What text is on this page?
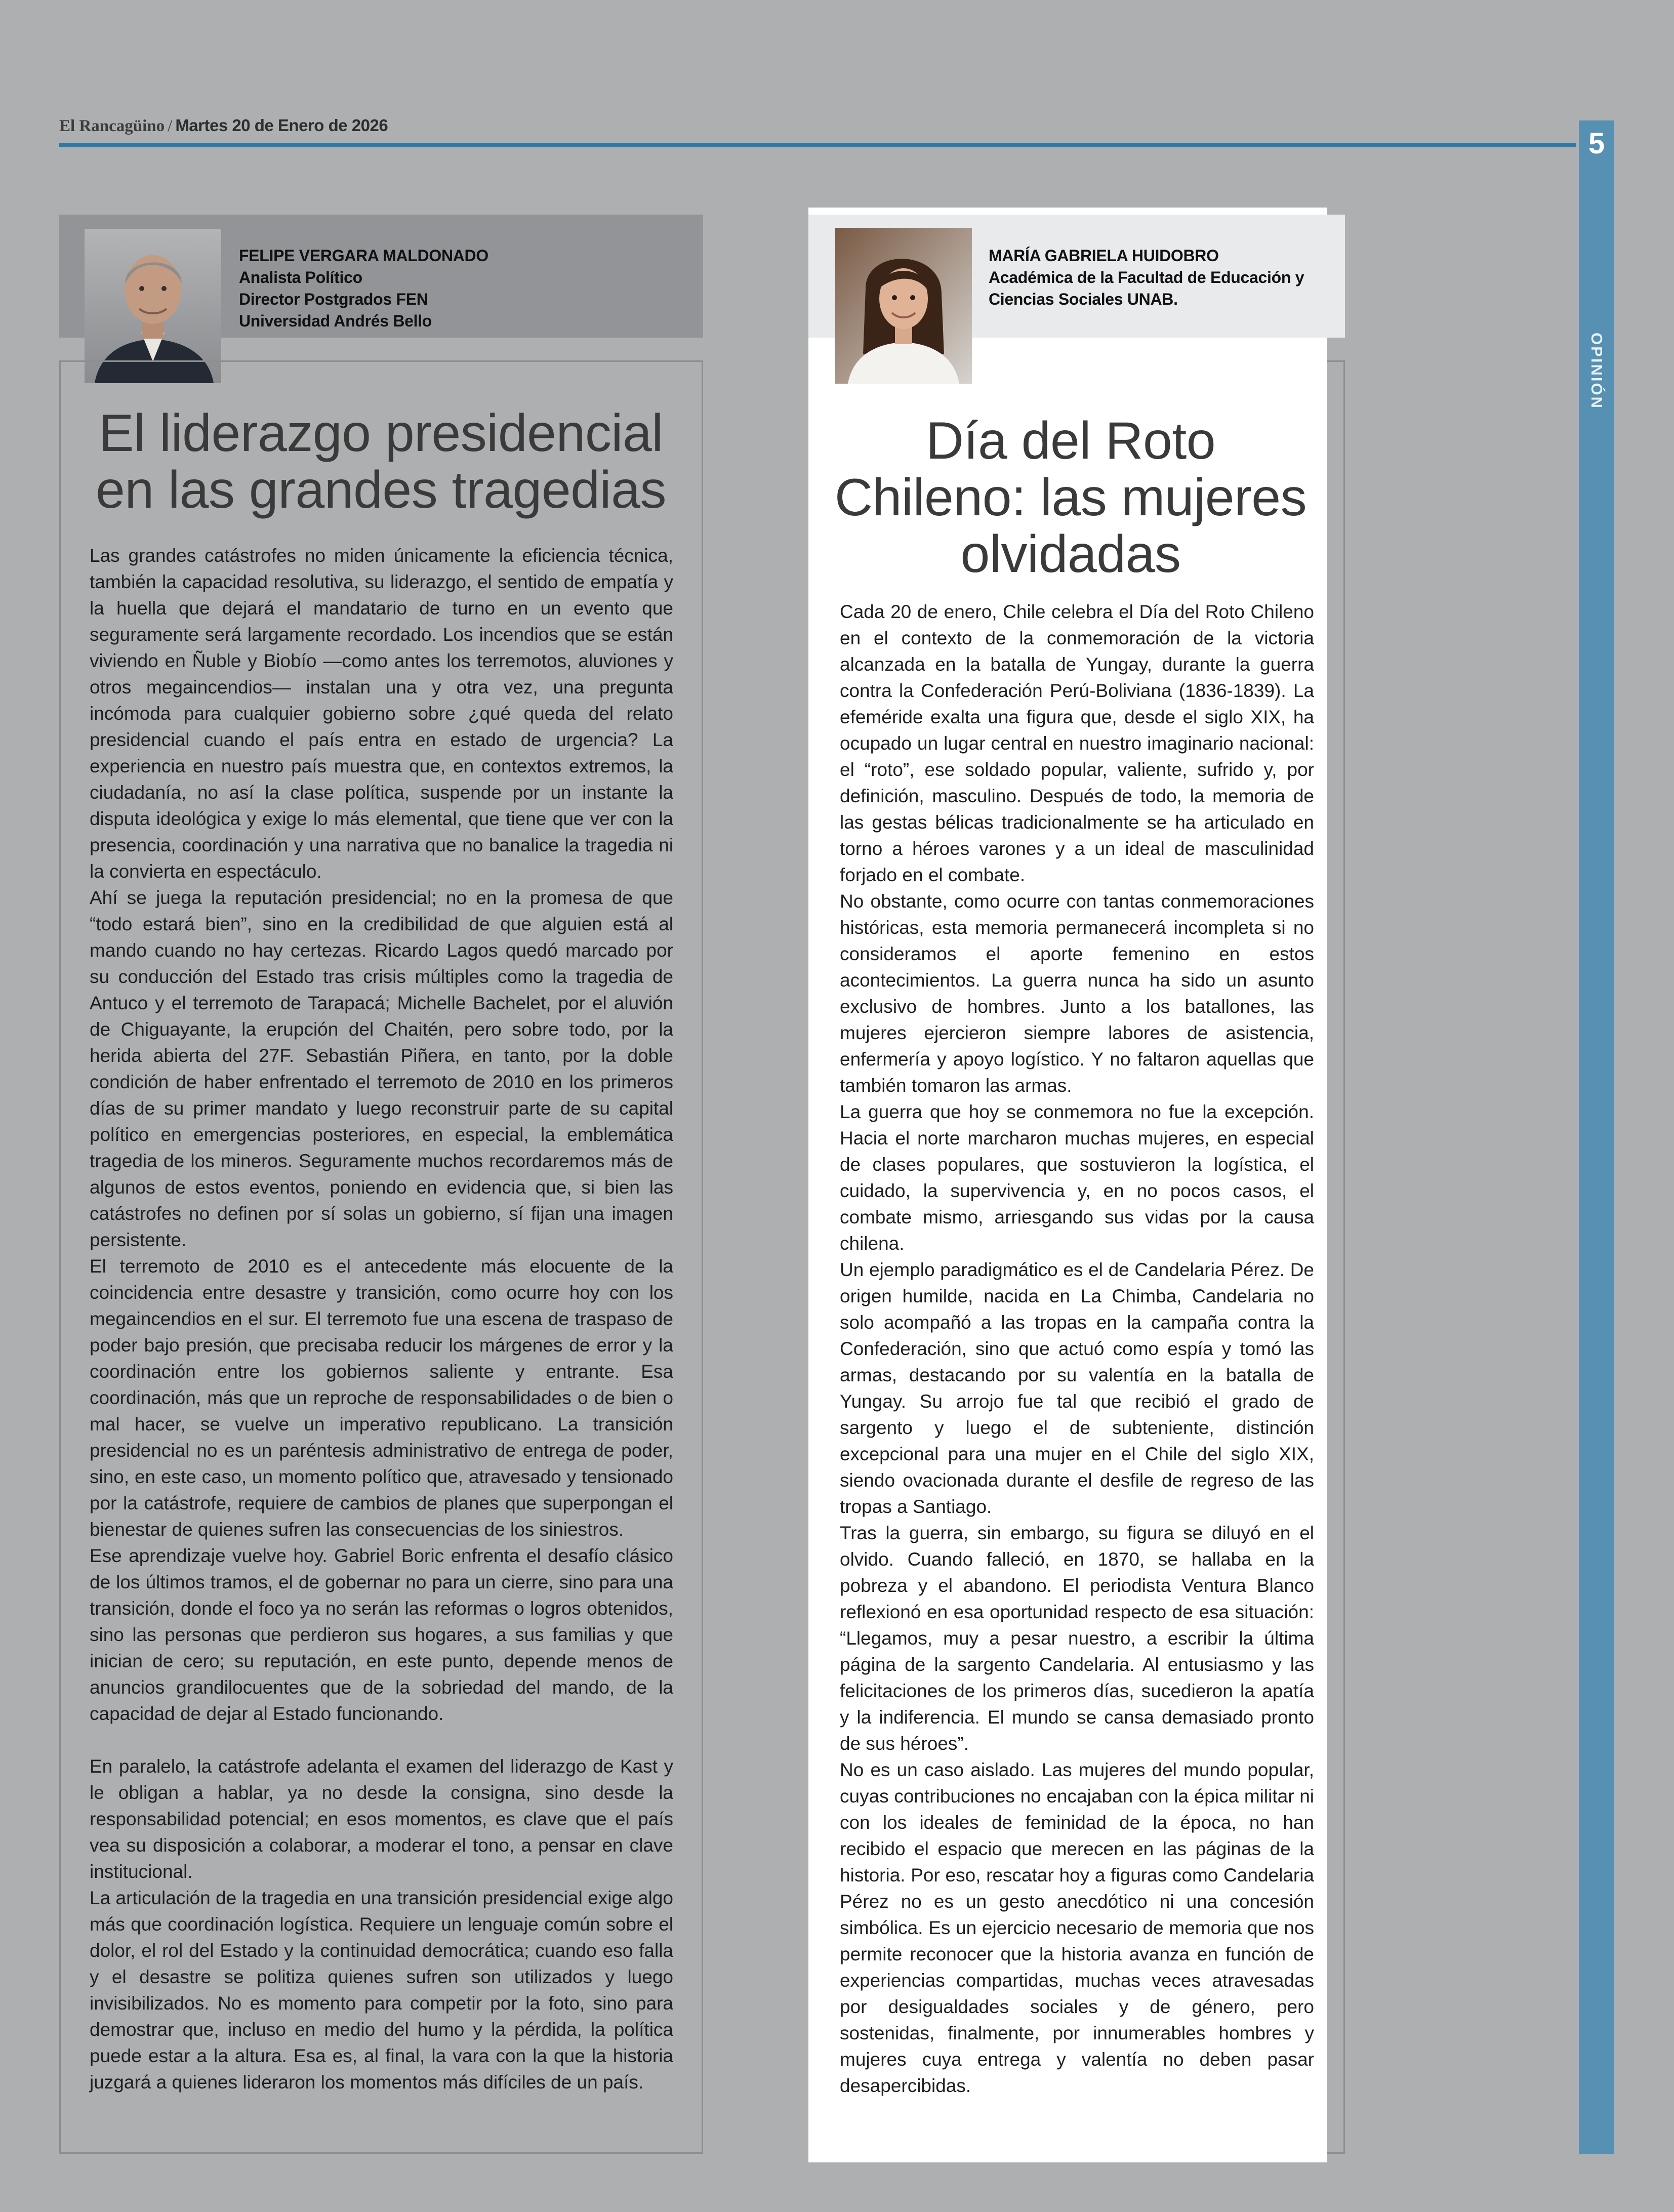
El Rancagüino / Martes 20 de Enero de 2026
5
OPINIÓN
FELIPE VERGARA MALDONADO
Analista Político
Director Postgrados FEN
Universidad Andrés Bello
El liderazgo presidencial
en las grandes tragedias

Las grandes catástrofes no miden únicamente la eficiencia técnica, también la capacidad resolutiva, su liderazgo, el sentido de empatía y la huella que dejará el mandatario de turno en un evento que seguramente será largamente recordado. Los incendios que se están viviendo en Ñuble y Biobío —como antes los terremotos, aluviones y otros megaincendios— instalan una y otra vez, una pregunta incómoda para cualquier gobierno sobre ¿qué queda del relato presidencial cuando el país entra en estado de urgencia? La experiencia en nuestro país muestra que, en contextos extremos, la ciudadanía, no así la clase política, suspende por un instante la disputa ideológica y exige lo más elemental, que tiene que ver con la presencia, coordinación y una narrativa que no banalice la tragedia ni la convierta en espectáculo.

Ahí se juega la reputación presidencial; no en la promesa de que “todo estará bien”, sino en la credibilidad de que alguien está al mando cuando no hay certezas. Ricardo Lagos quedó marcado por su conducción del Estado tras crisis múltiples como la tragedia de Antuco y el terremoto de Tarapacá; Michelle Bachelet, por el aluvión de Chiguayante, la erupción del Chaitén, pero sobre todo, por la herida abierta del 27F. Sebastián Piñera, en tanto, por la doble condición de haber enfrentado el terremoto de 2010 en los primeros días de su primer mandato y luego reconstruir parte de su capital político en emergencias posteriores, en especial, la emblemática tragedia de los mineros. Seguramente muchos recordaremos más de algunos de estos eventos, poniendo en evidencia que, si bien las catástrofes no definen por sí solas un gobierno, sí fijan una imagen persistente.

El terremoto de 2010 es el antecedente más elocuente de la coincidencia entre desastre y transición, como ocurre hoy con los megaincendios en el sur. El terremoto fue una escena de traspaso de poder bajo presión, que precisaba reducir los márgenes de error y la coordinación entre los gobiernos saliente y entrante. Esa coordinación, más que un reproche de responsabilidades o de bien o mal hacer, se vuelve un imperativo republicano. La transición presidencial no es un paréntesis administrativo de entrega de poder, sino, en este caso, un momento político que, atravesado y tensionado por la catástrofe, requiere de cambios de planes que superpongan el bienestar de quienes sufren las consecuencias de los siniestros.

Ese aprendizaje vuelve hoy. Gabriel Boric enfrenta el desafío clásico de los últimos tramos, el de gobernar no para un cierre, sino para una transición, donde el foco ya no serán las reformas o logros obtenidos, sino las personas que perdieron sus hogares, a sus familias y que inician de cero; su reputación, en este punto, depende menos de anuncios grandilocuentes que de la sobriedad del mando, de la capacidad de dejar al Estado funcionando.

En paralelo, la catástrofe adelanta el examen del liderazgo de Kast y le obligan a hablar, ya no desde la consigna, sino desde la responsabilidad potencial; en esos momentos, es clave que el país vea su disposición a colaborar, a moderar el tono, a pensar en clave institucional.

La articulación de la tragedia en una transición presidencial exige algo más que coordinación logística. Requiere un lenguaje común sobre el dolor, el rol del Estado y la continuidad democrática; cuando eso falla y el desastre se politiza quienes sufren son utilizados y luego invisibilizados. No es momento para competir por la foto, sino para demostrar que, incluso en medio del humo y la pérdida, la política puede estar a la altura. Esa es, al final, la vara con la que la historia juzgará a quienes lideraron los momentos más difíciles de un país.

MARÍA GABRIELA HUIDOBRO
Académica de la Facultad de Educación y
Ciencias Sociales UNAB.
Día del Roto
Chileno: las mujeres
olvidadas

Cada 20 de enero, Chile celebra el Día del Roto Chileno en el contexto de la conmemoración de la victoria alcanzada en la batalla de Yungay, durante la guerra contra la Confederación Perú-Boliviana (1836-1839). La efeméride exalta una figura que, desde el siglo XIX, ha ocupado un lugar central en nuestro imaginario nacional: el “roto”, ese soldado popular, valiente, sufrido y, por definición, masculino. Después de todo, la memoria de las gestas bélicas tradicionalmente se ha articulado en torno a héroes varones y a un ideal de masculinidad forjado en el combate.

No obstante, como ocurre con tantas conmemoraciones históricas, esta memoria permanecerá incompleta si no consideramos el aporte femenino en estos acontecimientos. La guerra nunca ha sido un asunto exclusivo de hombres. Junto a los batallones, las mujeres ejercieron siempre labores de asistencia, enfermería y apoyo logístico. Y no faltaron aquellas que también tomaron las armas.

La guerra que hoy se conmemora no fue la excepción. Hacia el norte marcharon muchas mujeres, en especial de clases populares, que sostuvieron la logística, el cuidado, la supervivencia y, en no pocos casos, el combate mismo, arriesgando sus vidas por la causa chilena.

Un ejemplo paradigmático es el de Candelaria Pérez. De origen humilde, nacida en La Chimba, Candelaria no solo acompañó a las tropas en la campaña contra la Confederación, sino que actuó como espía y tomó las armas, destacando por su valentía en la batalla de Yungay. Su arrojo fue tal que recibió el grado de sargento y luego el de subteniente, distinción excepcional para una mujer en el Chile del siglo XIX, siendo ovacionada durante el desfile de regreso de las tropas a Santiago.

Tras la guerra, sin embargo, su figura se diluyó en el olvido. Cuando falleció, en 1870, se hallaba en la pobreza y el abandono. El periodista Ventura Blanco reflexionó en esa oportunidad respecto de esa situación: “Llegamos, muy a pesar nuestro, a escribir la última página de la sargento Candelaria. Al entusiasmo y las felicitaciones de los primeros días, sucedieron la apatía y la indiferencia. El mundo se cansa demasiado pronto de sus héroes”.

No es un caso aislado. Las mujeres del mundo popular, cuyas contribuciones no encajaban con la épica militar ni con los ideales de feminidad de la época, no han recibido el espacio que merecen en las páginas de la historia. Por eso, rescatar hoy a figuras como Candelaria Pérez no es un gesto anecdótico ni una concesión simbólica. Es un ejercicio necesario de memoria que nos permite reconocer que la historia avanza en función de experiencias compartidas, muchas veces atravesadas por desigualdades sociales y de género, pero sostenidas, finalmente, por innumerables hombres y mujeres cuya entrega y valentía no deben pasar desapercibidas.
